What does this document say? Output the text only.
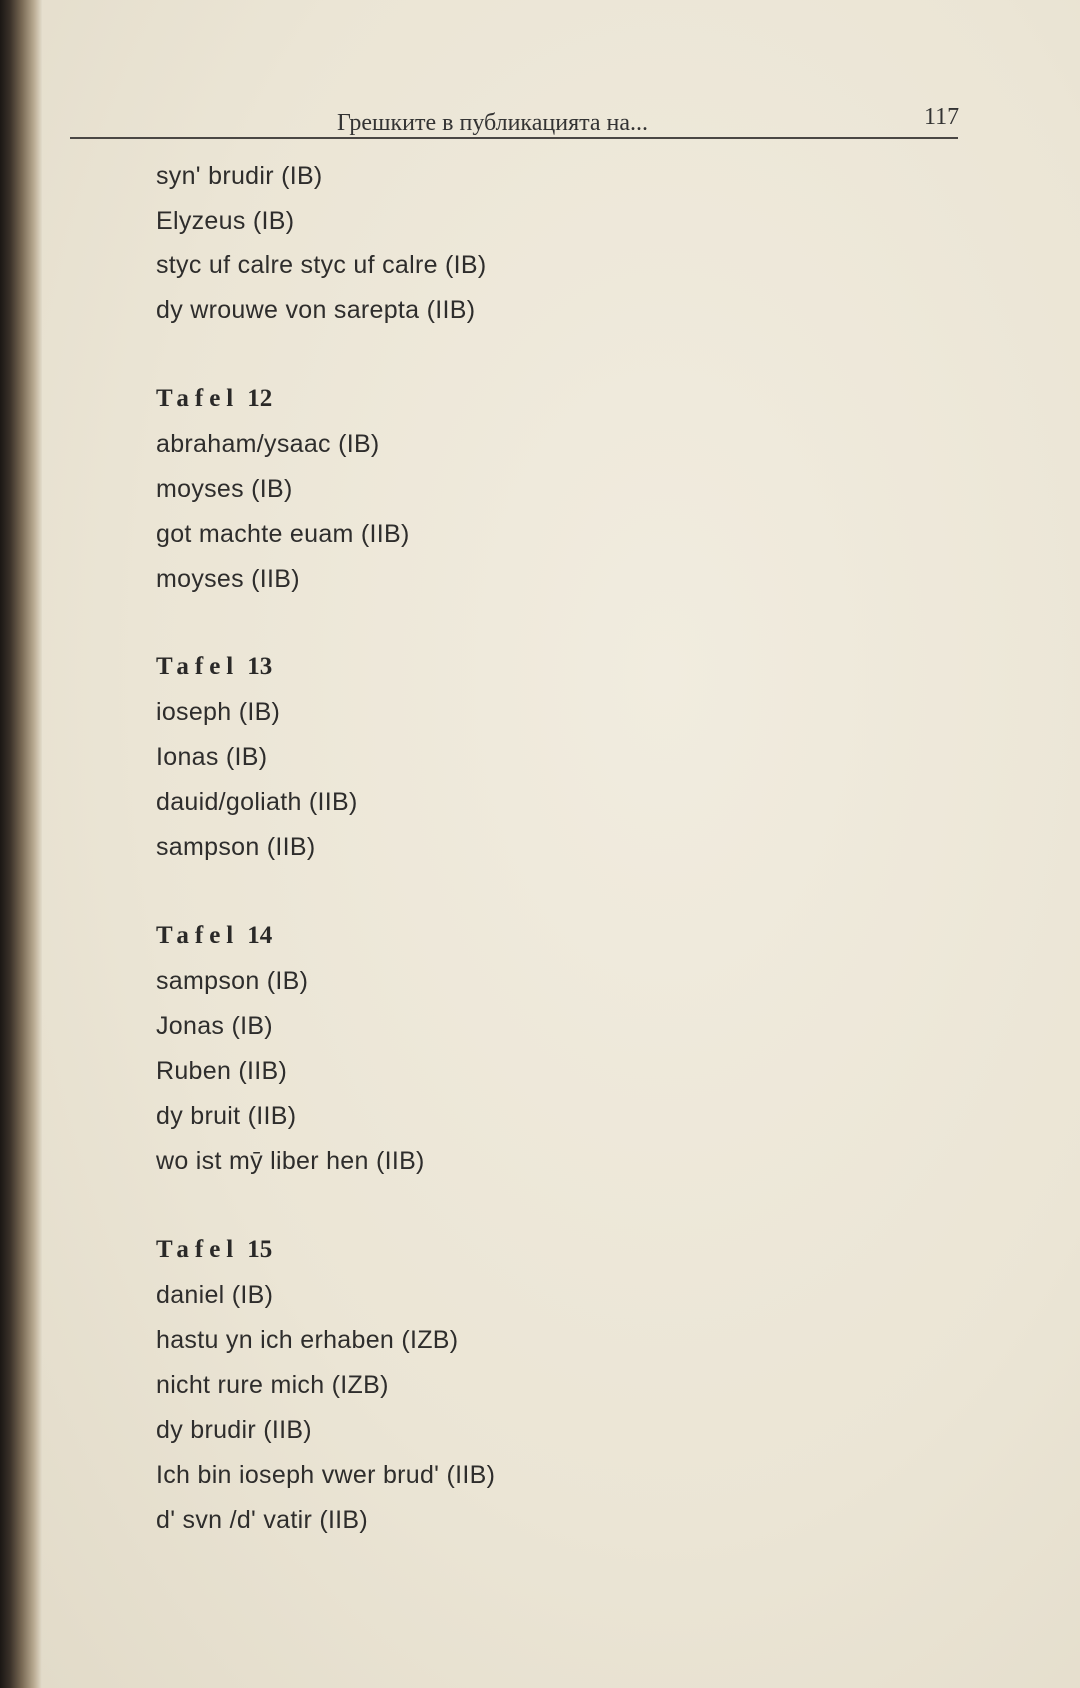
Грешките в публикацията на...	117
syn' brudir (IB)
Elyzeus (IB)
styc uf calre styc uf calre (IB)
dy wrouwe von sarepta (IIB)
Tafel 12
abraham/ysaac (IB)
moyses (IB)
got machte euam (IIB)
moyses (IIB)
Tafel 13
ioseph (IB)
Ionas (IB)
dauid/goliath (IIB)
sampson (IIB)
Tafel 14
sampson (IB)
Jonas (IB)
Ruben (IIB)
dy bruit (IIB)
wo ist mȳ liber hen (IIB)
Tafel 15
daniel (IB)
hastu yn ich erhaben (IZB)
nicht rure mich (IZB)
dy brudir (IIB)
Ich bin ioseph vwer brud' (IIB)
d' svn /d' vatir (IIB)
